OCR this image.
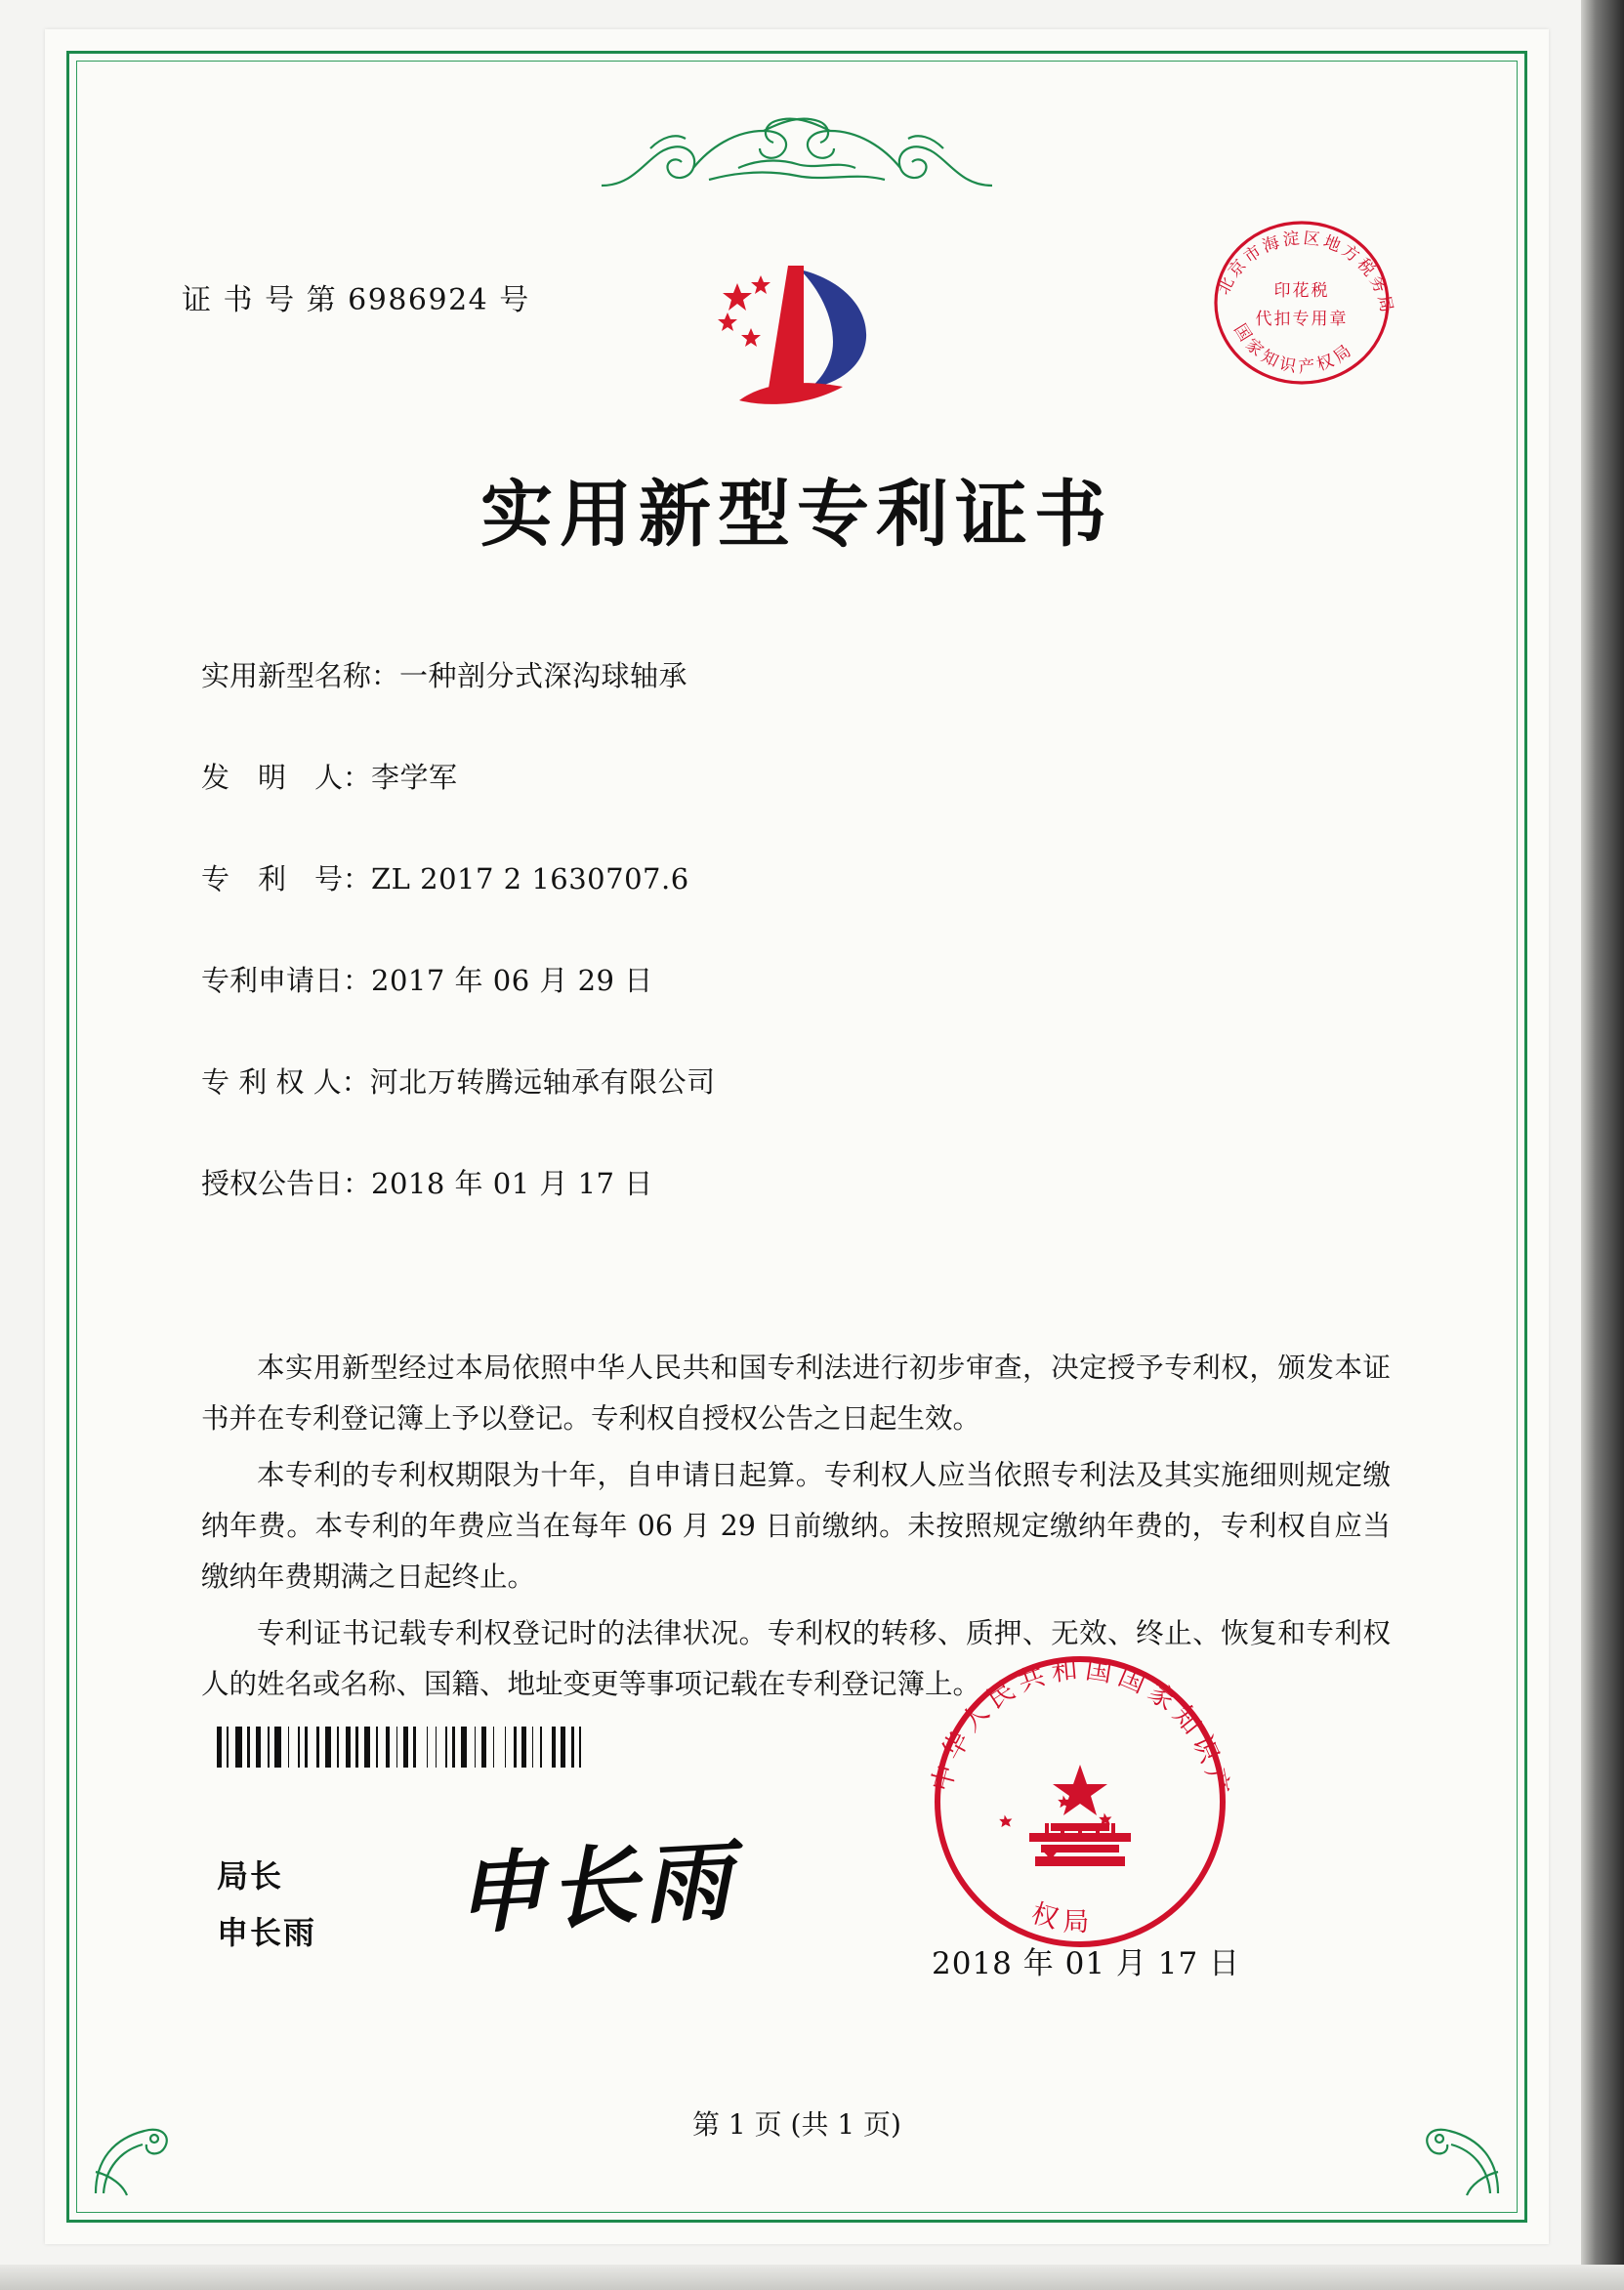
证 书 号 第 6986924 号	北京市海淀区地方税务局
国家知识产权局
印花税
代扣专用章
实用新型专利证书
实用新型名称：一种剖分式深沟球轴承
发　明　人：李学军
专　利　号：ZL 2017 2 1630707.6
专利申请日：2017 年 06 月 29 日
专 利 权 人：河北万转腾远轴承有限公司
授权公告日：2018 年 01 月 17 日

本实用新型经过本局依照中华人民共和国专利法进行初步审查，决定授予专利权，颁发本证书并在专利登记簿上予以登记。专利权自授权公告之日起生效。

本专利的专利权期限为十年，自申请日起算。专利权人应当依照专利法及其实施细则规定缴纳年费。本专利的年费应当在每年 06 月 29 日前缴纳。未按照规定缴纳年费的，专利权自应当缴纳年费期满之日起终止。

专利证书记载专利权登记时的法律状况。专利权的转移、质押、无效、终止、恢复和专利权人的姓名或名称、国籍、地址变更等事项记载在专利登记簿上。

局长
申长雨 申长雨
中华人民共和国国家知识产
权局
2018 年 01 月 17 日
第 1 页 (共 1 页)
